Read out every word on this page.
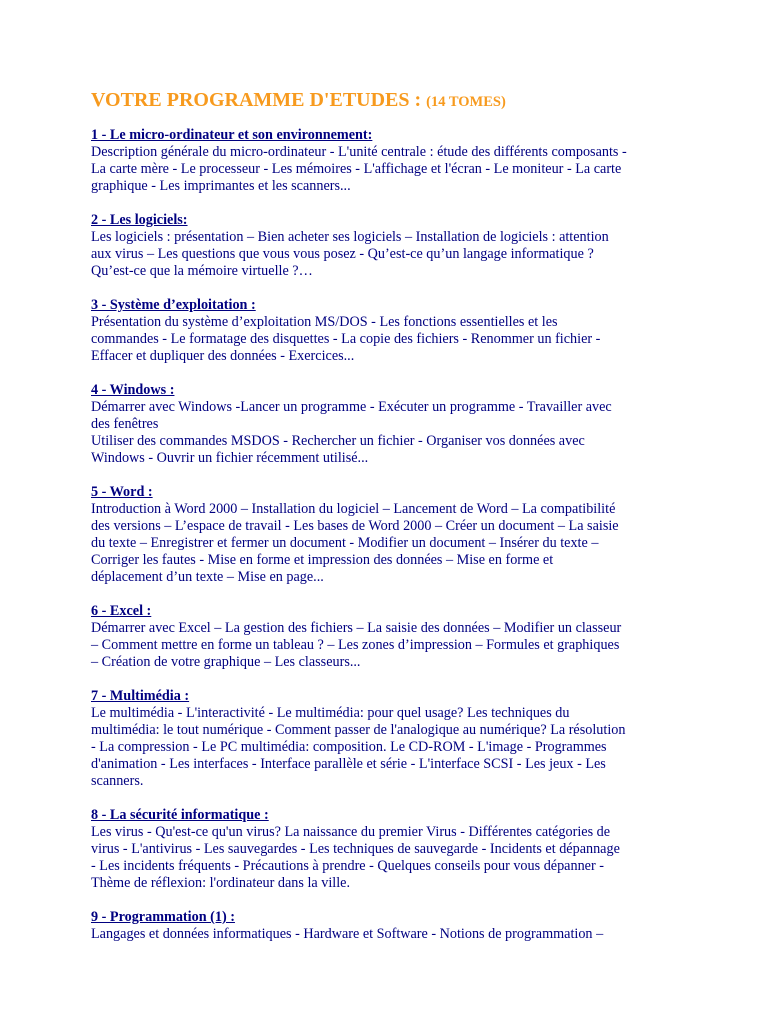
VOTRE PROGRAMME D'ETUDES : (14 TOMES)
1 - Le micro-ordinateur et son environnement:
Description générale du micro-ordinateur - L'unité centrale : étude des différents composants -
La carte mère - Le processeur - Les mémoires - L'affichage et l'écran - Le moniteur - La carte
graphique - Les imprimantes et les scanners...
2 - Les logiciels:
Les logiciels : présentation – Bien acheter ses logiciels – Installation de logiciels : attention
aux virus – Les questions que vous vous posez - Qu’est-ce qu’un langage informatique ?
Qu’est-ce que la mémoire virtuelle ?…
3 - Système d’exploitation :
Présentation du système d’exploitation MS/DOS - Les fonctions essentielles et les
commandes - Le formatage des disquettes - La copie des fichiers - Renommer un fichier -
Effacer et dupliquer des données - Exercices...
4 - Windows :
Démarrer avec Windows -Lancer un programme - Exécuter un programme - Travailler avec
des fenêtres
Utiliser des commandes MSDOS - Rechercher un fichier - Organiser vos données avec
Windows - Ouvrir un fichier récemment utilisé...
5 - Word :
Introduction à Word 2000 – Installation du logiciel – Lancement de Word – La compatibilité
des versions – L’espace de travail - Les bases de Word 2000 – Créer un document – La saisie
du texte – Enregistrer et fermer un document - Modifier un document – Insérer du texte –
Corriger les fautes - Mise en forme et impression des données – Mise en forme et
déplacement d’un texte – Mise en page...
6 - Excel :
Démarrer avec Excel – La gestion des fichiers – La saisie des données – Modifier un classeur
– Comment mettre en forme un tableau ? – Les zones d’impression – Formules et graphiques
– Création de votre graphique – Les classeurs...
7 - Multimédia :
Le multimédia - L'interactivité - Le multimédia: pour quel usage? Les techniques du
multimédia: le tout numérique - Comment passer de l'analogique au numérique? La résolution
- La compression - Le PC multimédia: composition. Le CD-ROM - L'image - Programmes
d'animation - Les interfaces - Interface parallèle et série - L'interface SCSI - Les jeux - Les
scanners.
8 - La sécurité informatique :
Les virus - Qu'est-ce qu'un virus? La naissance du premier Virus - Différentes catégories de
virus - L'antivirus - Les sauvegardes - Les techniques de sauvegarde - Incidents et dépannage
- Les incidents fréquents - Précautions à prendre - Quelques conseils pour vous dépanner -
Thème de réflexion: l'ordinateur dans la ville.
9 - Programmation (1) :
Langages et données informatiques - Hardware et Software - Notions de programmation –
